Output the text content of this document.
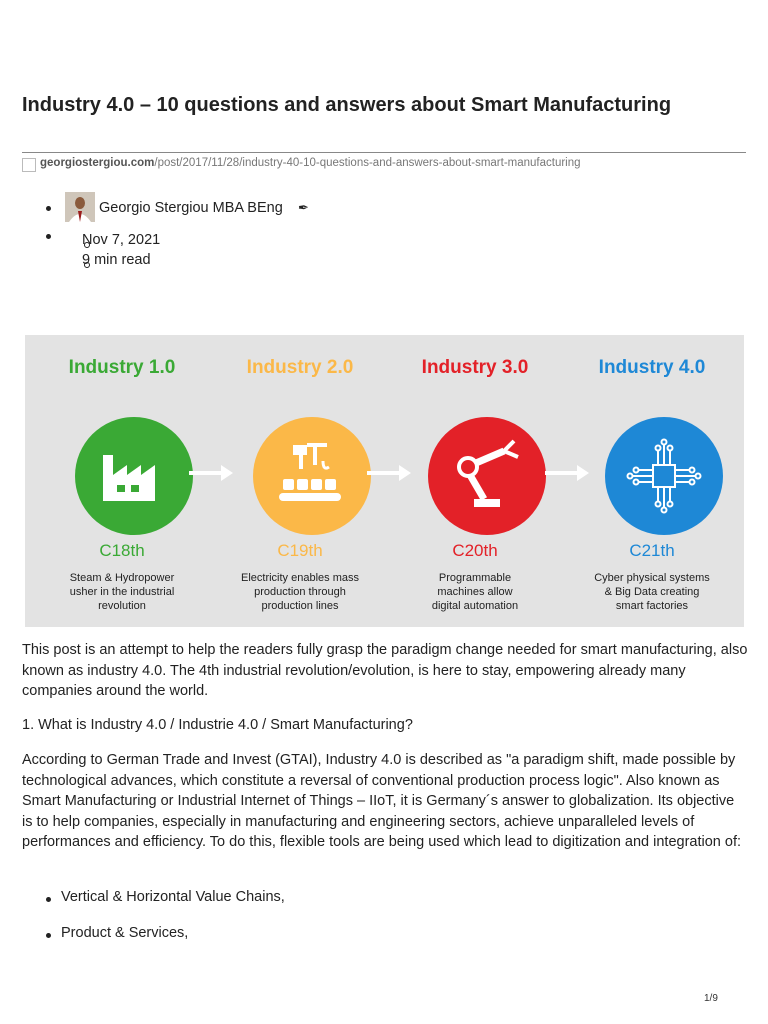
Industry 4.0 – 10 questions and answers about Smart Manufacturing
georgiostergiou.com/post/2017/11/28/industry-40-10-questions-and-answers-about-smart-manufacturing
Georgio Stergiou MBA BEng ✒
Nov 7, 2021
9 min read
Industry 1.0
C18th
Steam & Hydropower
usher in the industrial
revolution
Industry 2.0
C19th
Electricity enables mass
production through
production lines
Industry 3.0
C20th
Programmable
machines allow
digital automation
Industry 4.0
C21th
Cyber physical systems
& Big Data creating
smart factories

This post is an attempt to help the readers fully grasp the paradigm change needed for smart manufacturing, also known as industry 4.0. The 4th industrial revolution/evolution, is here to stay, empowering already many companies around the world.

1. What is Industry 4.0 / Industrie 4.0 / Smart Manufacturing?

According to German Trade and Invest (GTAI), Industry 4.0 is described as "a paradigm shift, made possible by technological advances, which constitute a reversal of conventional production process logic". Also known as Smart Manufacturing or Industrial Internet of Things – IIoT, it is Germany´s answer to globalization. Its objective is to help companies, especially in manufacturing and engineering sectors, achieve unparalleled levels of performances and efficiency. To do this, flexible tools are being used which lead to digitization and integration of:

Vertical & Horizontal Value Chains,
Product & Services,
1/9
